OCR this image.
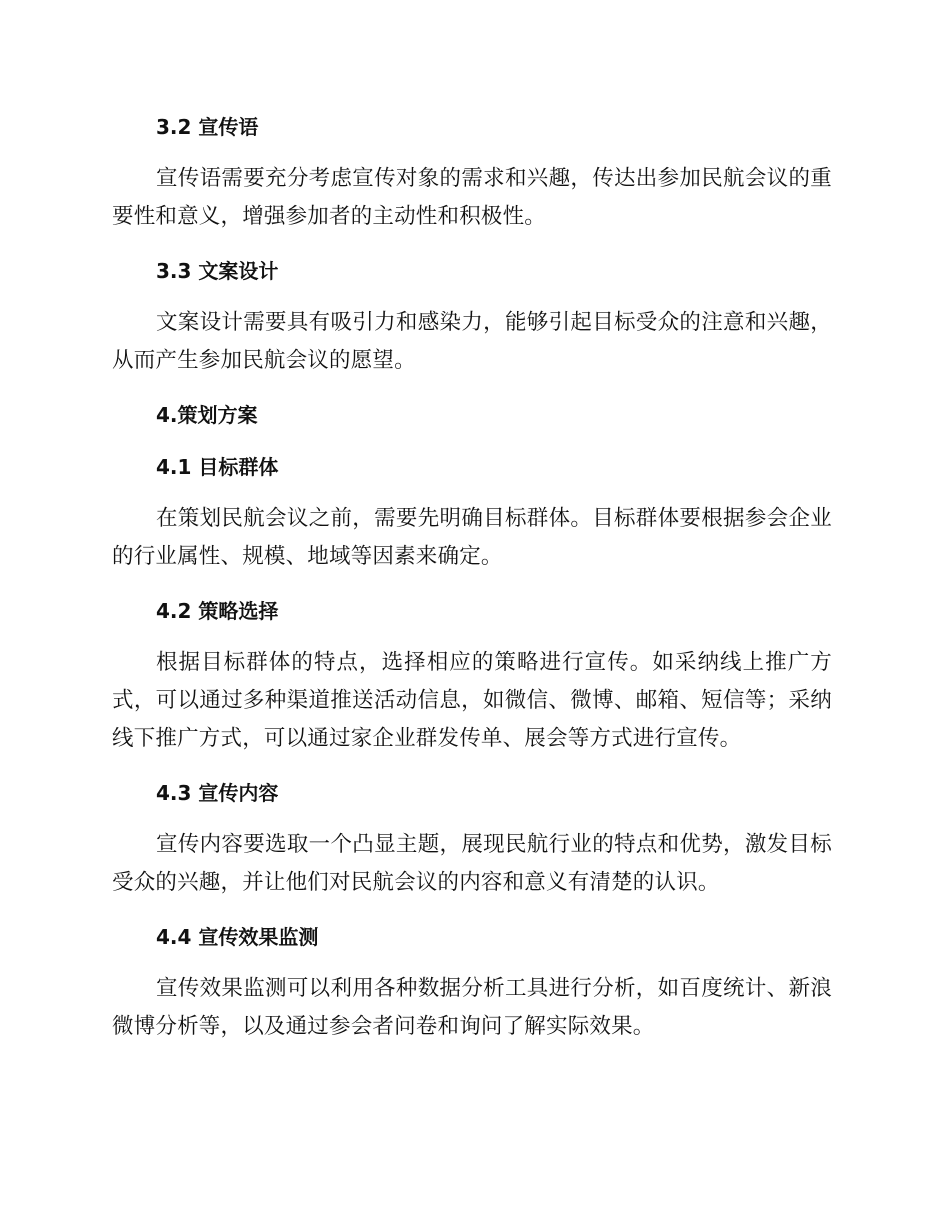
3.2 宣传语

宣传语需要充分考虑宣传对象的需求和兴趣，传达出参加民航会议的重要性和意义，增强参加者的主动性和积极性。

3.3 文案设计

文案设计需要具有吸引力和感染力，能够引起目标受众的注意和兴趣，从而产生参加民航会议的愿望。

4.策划方案
4.1 目标群体

在策划民航会议之前，需要先明确目标群体。目标群体要根据参会企业的行业属性、规模、地域等因素来确定。

4.2 策略选择

根据目标群体的特点，选择相应的策略进行宣传。如采纳线上推广方式，可以通过多种渠道推送活动信息，如微信、微博、邮箱、短信等；采纳线下推广方式，可以通过家企业群发传单、展会等方式进行宣传。

4.3 宣传内容

宣传内容要选取一个凸显主题，展现民航行业的特点和优势，激发目标受众的兴趣，并让他们对民航会议的内容和意义有清楚的认识。

4.4 宣传效果监测

宣传效果监测可以利用各种数据分析工具进行分析，如百度统计、新浪微博分析等，以及通过参会者问卷和询问了解实际效果。
